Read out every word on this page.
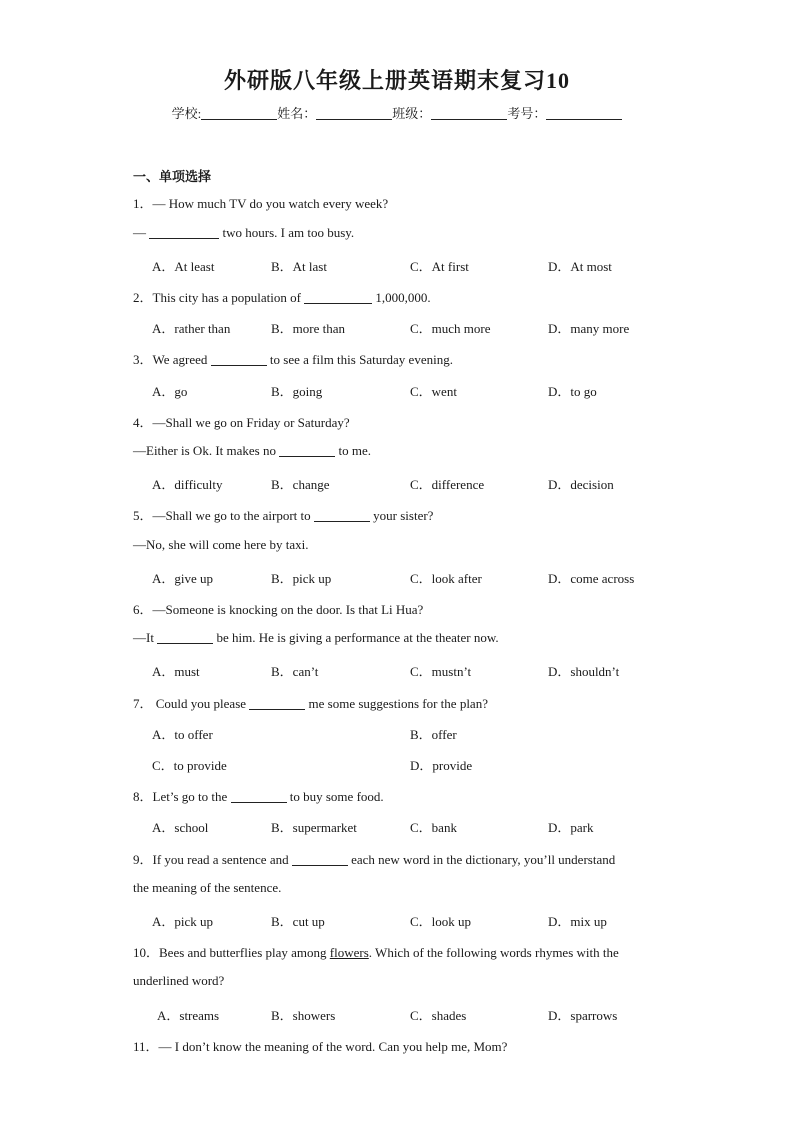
外研版八年级上册英语期末复习10
学校:	姓名：	班级：	考号：
一、单项选择
1．— How much TV do you watch every week?
—	two hours. I am too busy.
A．At least	B．At last	C．At first	D．At most
2．This city has a population of	1,000,000.
A．rather than	B．more than	C．much more	D．many more
3．We agreed	to see a film this Saturday evening.
A．go	B．going	C．went	D．to go
4．—Shall we go on Friday or Saturday?
—Either is Ok. It makes no	to me.
A．difficulty	B．change	C．difference	D．decision
5．—Shall we go to the airport to	your sister?
—No, she will come here by taxi.
A．give up	B．pick up	C．look after	D．come across
6．—Someone is knocking on the door. Is that Li Hua?
—It	be him. He is giving a performance at the theater now.
A．must	B．can’t	C．mustn’t	D．shouldn’t
7． Could you please	me some suggestions for the plan?
A．to offer	B．offer
C．to provide	D．provide
8．Let’s go to the	to buy some food.
A．school	B．supermarket	C．bank	D．park
9．If you read a sentence and	each new word in the dictionary, you’ll understand
the meaning of the sentence.
A．pick up	B．cut up	C．look up	D．mix up
10．Bees and butterflies play among flowers. Which of the following words rhymes with the
underlined word?
A．streams	B．showers	C．shades	D．sparrows
11．— I don’t know the meaning of the word. Can you help me, Mom?
